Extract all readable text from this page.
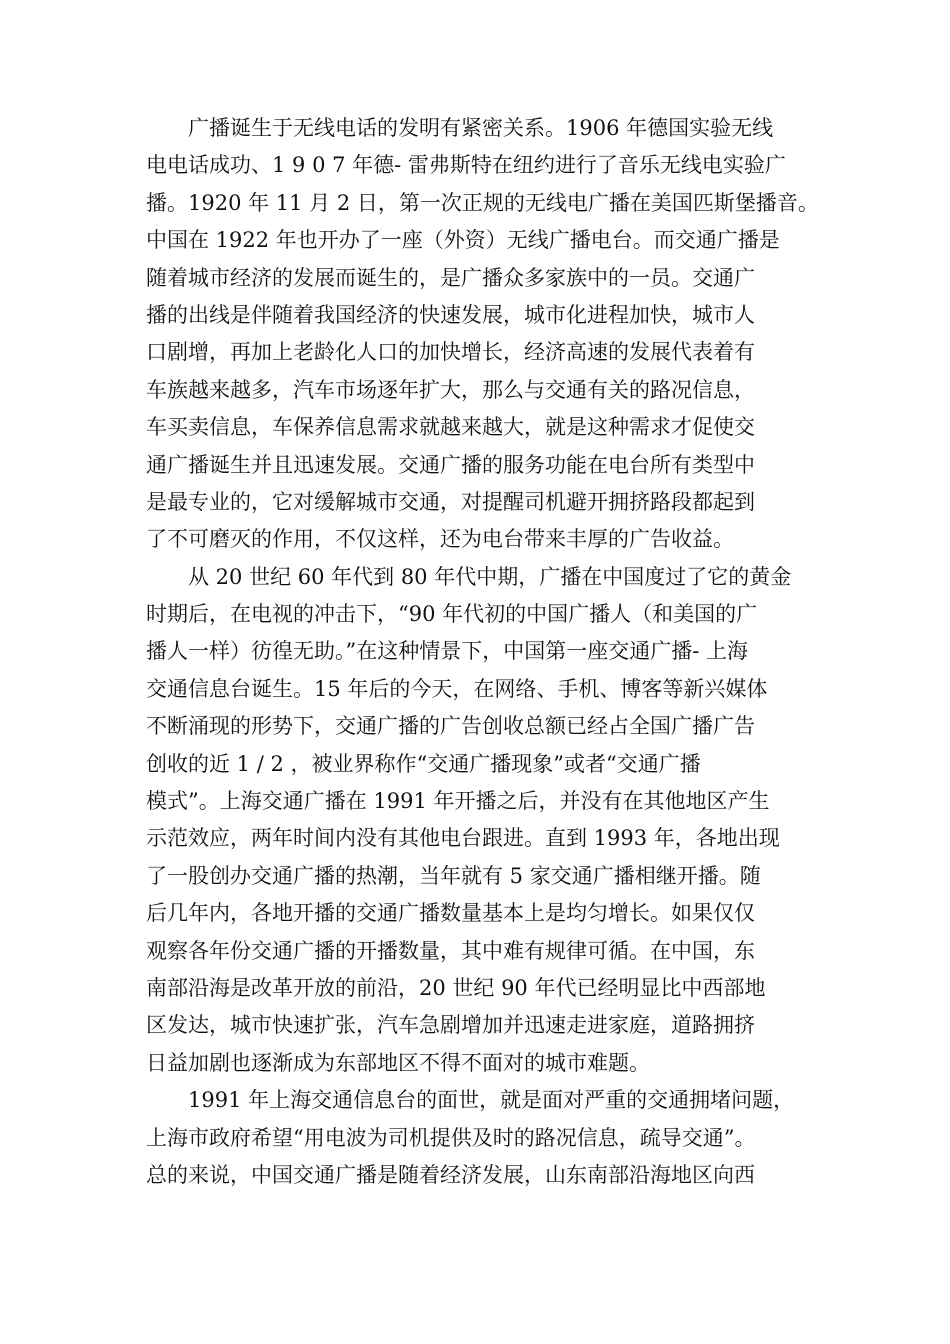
广播诞生于无线电话的发明有紧密关系。1906 年德国实验无线
电电话成功、1 9 0 7 年德- 雷弗斯特在纽约进行了音乐无线电实验广
播。1920 年 11 月 2 日，第一次正规的无线电广播在美国匹斯堡播音。
中国在 1922 年也开办了一座（外资）无线广播电台。而交通广播是
随着城市经济的发展而诞生的，是广播众多家族中的一员。交通广
播的出线是伴随着我国经济的快速发展，城市化进程加快，城市人
口剧增，再加上老龄化人口的加快增长，经济高速的发展代表着有
车族越来越多，汽车市场逐年扩大，那么与交通有关的路况信息，
车买卖信息，车保养信息需求就越来越大，就是这种需求才促使交
通广播诞生并且迅速发展。交通广播的服务功能在电台所有类型中
是最专业的，它对缓解城市交通，对提醒司机避开拥挤路段都起到
了不可磨灭的作用，不仅这样，还为电台带来丰厚的广告收益。
从 20 世纪 60 年代到 80 年代中期，广播在中国度过了它的黄金
时期后，在电视的冲击下，“90 年代初的中国广播人（和美国的广
播人一样）彷徨无助。”在这种情景下，中国第一座交通广播- 上海
交通信息台诞生。15 年后的今天，在网络、手机、博客等新兴媒体
不断涌现的形势下，交通广播的广告创收总额已经占全国广播广告
创收的近 1 / 2 ，被业界称作“交通广播现象”或者“交通广播
模式”。上海交通广播在 1991 年开播之后，并没有在其他地区产生
示范效应，两年时间内没有其他电台跟进。直到 1993 年，各地出现
了一股创办交通广播的热潮，当年就有 5 家交通广播相继开播。随
后几年内，各地开播的交通广播数量基本上是均匀增长。如果仅仅
观察各年份交通广播的开播数量，其中难有规律可循。在中国，东
南部沿海是改革开放的前沿，20 世纪 90 年代已经明显比中西部地
区发达，城市快速扩张，汽车急剧增加并迅速走进家庭，道路拥挤
日益加剧也逐渐成为东部地区不得不面对的城市难题。
1991 年上海交通信息台的面世，就是面对严重的交通拥堵问题，
上海市政府希望“用电波为司机提供及时的路况信息，疏导交通”。
总的来说，中国交通广播是随着经济发展，山东南部沿海地区向西
